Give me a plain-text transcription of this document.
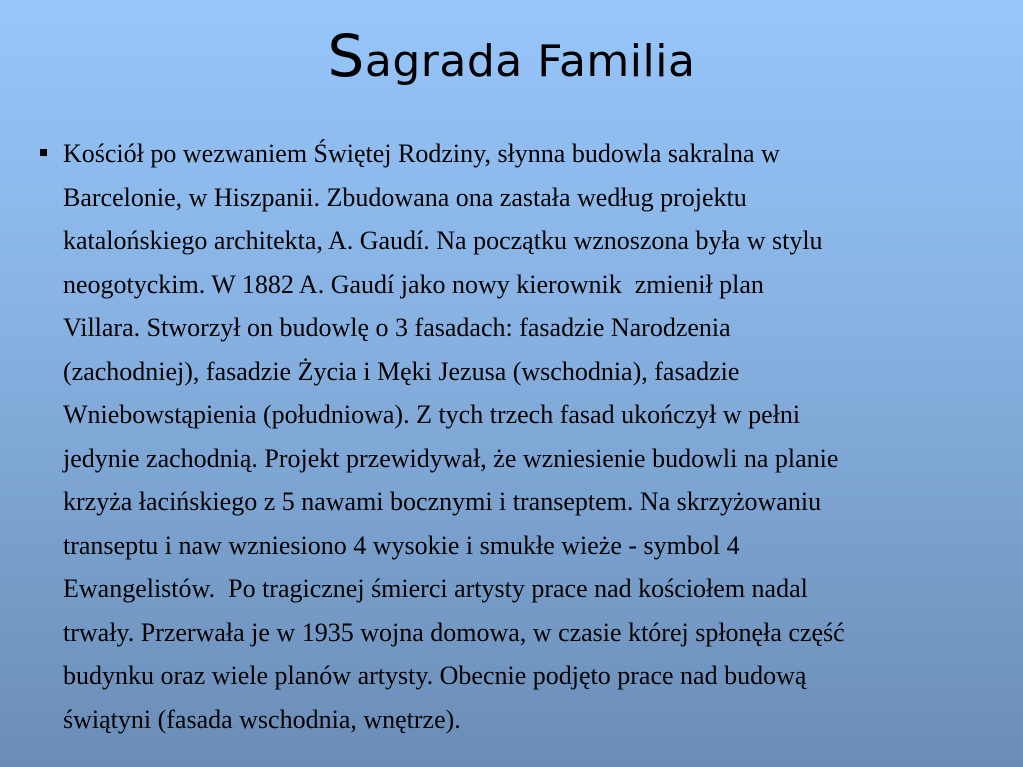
Sagrada Familia

Kościół po wezwaniem Świętej Rodziny, słynna budowla sakralna w
Barcelonie, w Hiszpanii. Zbudowana ona zastała według projektu
katalońskiego architekta, A. Gaudí. Na początku wznoszona była w stylu
neogotyckim. W 1882 A. Gaudí jako nowy kierownik  zmienił plan
Villara. Stworzył on budowlę o 3 fasadach: fasadzie Narodzenia
(zachodniej), fasadzie Życia i Męki Jezusa (wschodnia), fasadzie
Wniebowstąpienia (południowa). Z tych trzech fasad ukończył w pełni
jedynie zachodnią. Projekt przewidywał, że wzniesienie budowli na planie
krzyża łacińskiego z 5 nawami bocznymi i transeptem. Na skrzyżowaniu
transeptu i naw wzniesiono 4 wysokie i smukłe wieże - symbol 4
Ewangelistów.  Po tragicznej śmierci artysty prace nad kościołem nadal
trwały. Przerwała je w 1935 wojna domowa, w czasie której spłonęła część
budynku oraz wiele planów artysty. Obecnie podjęto prace nad budową
świątyni (fasada wschodnia, wnętrze).
